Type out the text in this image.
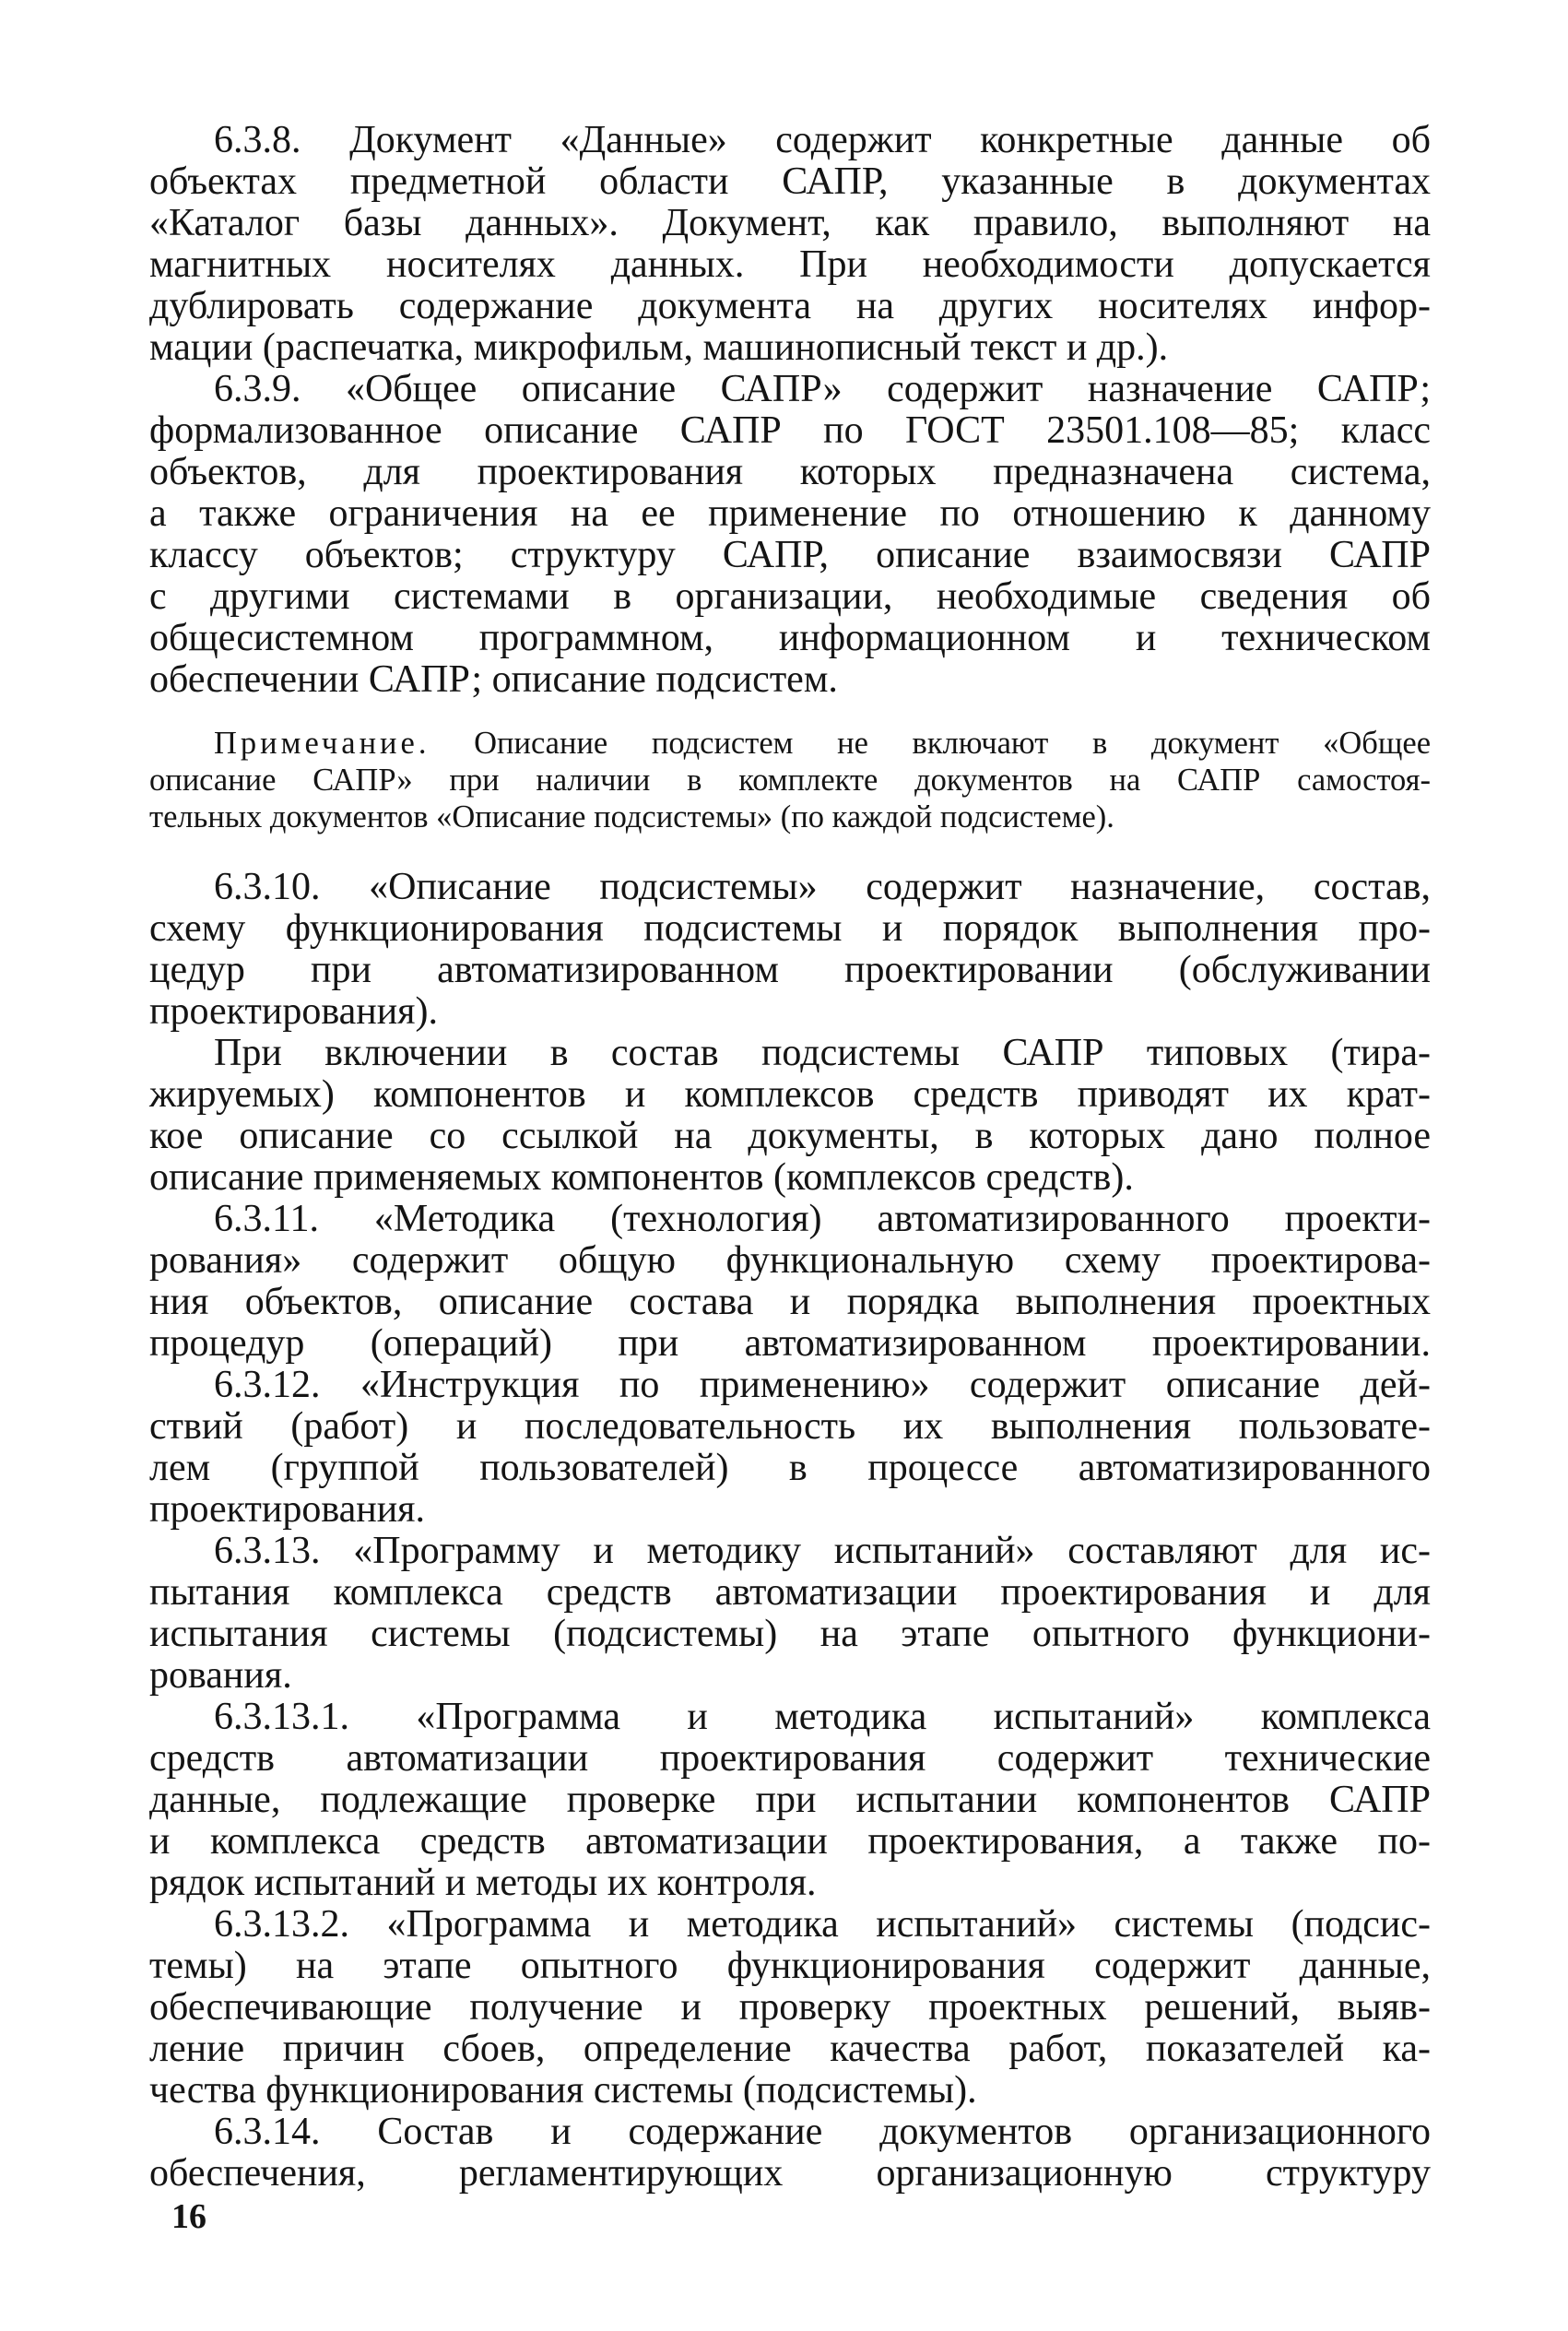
6.3.8. Документ «Данные» содержит конкретные данные об
объектах предметной области САПР, указанные в документах
«Каталог базы данных». Документ, как правило, выполняют на
магнитных носителях данных. При необходимости допускается
дублировать содержание документа на других носителях инфор-
мации (распечатка, микрофильм, машинописный текст и др.).
6.3.9. «Общее описание САПР» содержит назначение САПР;
формализованное описание САПР по ГОСТ 23501.108—85; класс
объектов, для проектирования которых предназначена система,
а также ограничения на ее применение по отношению к данному
классу объектов; структуру САПР, описание взаимосвязи САПР
с другими системами в организации, необходимые сведения об
общесистемном программном, информационном и техническом
обеспечении САПР; описание подсистем.
Примечание. Описание подсистем не включают в документ «Общее
описание САПР» при наличии в комплекте документов на САПР самостоя-
тельных документов «Описание подсистемы» (по каждой подсистеме).
6.3.10. «Описание подсистемы» содержит назначение, состав,
схему функционирования подсистемы и порядок выполнения про-
цедур при автоматизированном проектировании (обслуживании
проектирования).
При включении в состав подсистемы САПР типовых (тира-
жируемых) компонентов и комплексов средств приводят их крат-
кое описание со ссылкой на документы, в которых дано полное
описание применяемых компонентов (комплексов средств).
6.3.11. «Методика (технология) автоматизированного проекти-
рования» содержит общую функциональную схему проектирова-
ния объектов, описание состава и порядка выполнения проектных
процедур (операций) при автоматизированном проектировании.
6.3.12. «Инструкция по применению» содержит описание дей-
ствий (работ) и последовательность их выполнения пользовате-
лем (группой пользователей) в процессе автоматизированного
проектирования.
6.3.13. «Программу и методику испытаний» составляют для ис-
пытания комплекса средств автоматизации проектирования и для
испытания системы (подсистемы) на этапе опытного функциони-
рования.
6.3.13.1. «Программа и методика испытаний» комплекса
средств автоматизации проектирования содержит технические
данные, подлежащие проверке при испытании компонентов САПР
и комплекса средств автоматизации проектирования, а также по-
рядок испытаний и методы их контроля.
6.3.13.2. «Программа и методика испытаний» системы (подсис-
темы) на этапе опытного функционирования содержит данные,
обеспечивающие получение и проверку проектных решений, выяв-
ление причин сбоев, определение качества работ, показателей ка-
чества функционирования системы (подсистемы).
6.3.14. Состав и содержание документов организационного
обеспечения, регламентирующих организационную структуру
16
